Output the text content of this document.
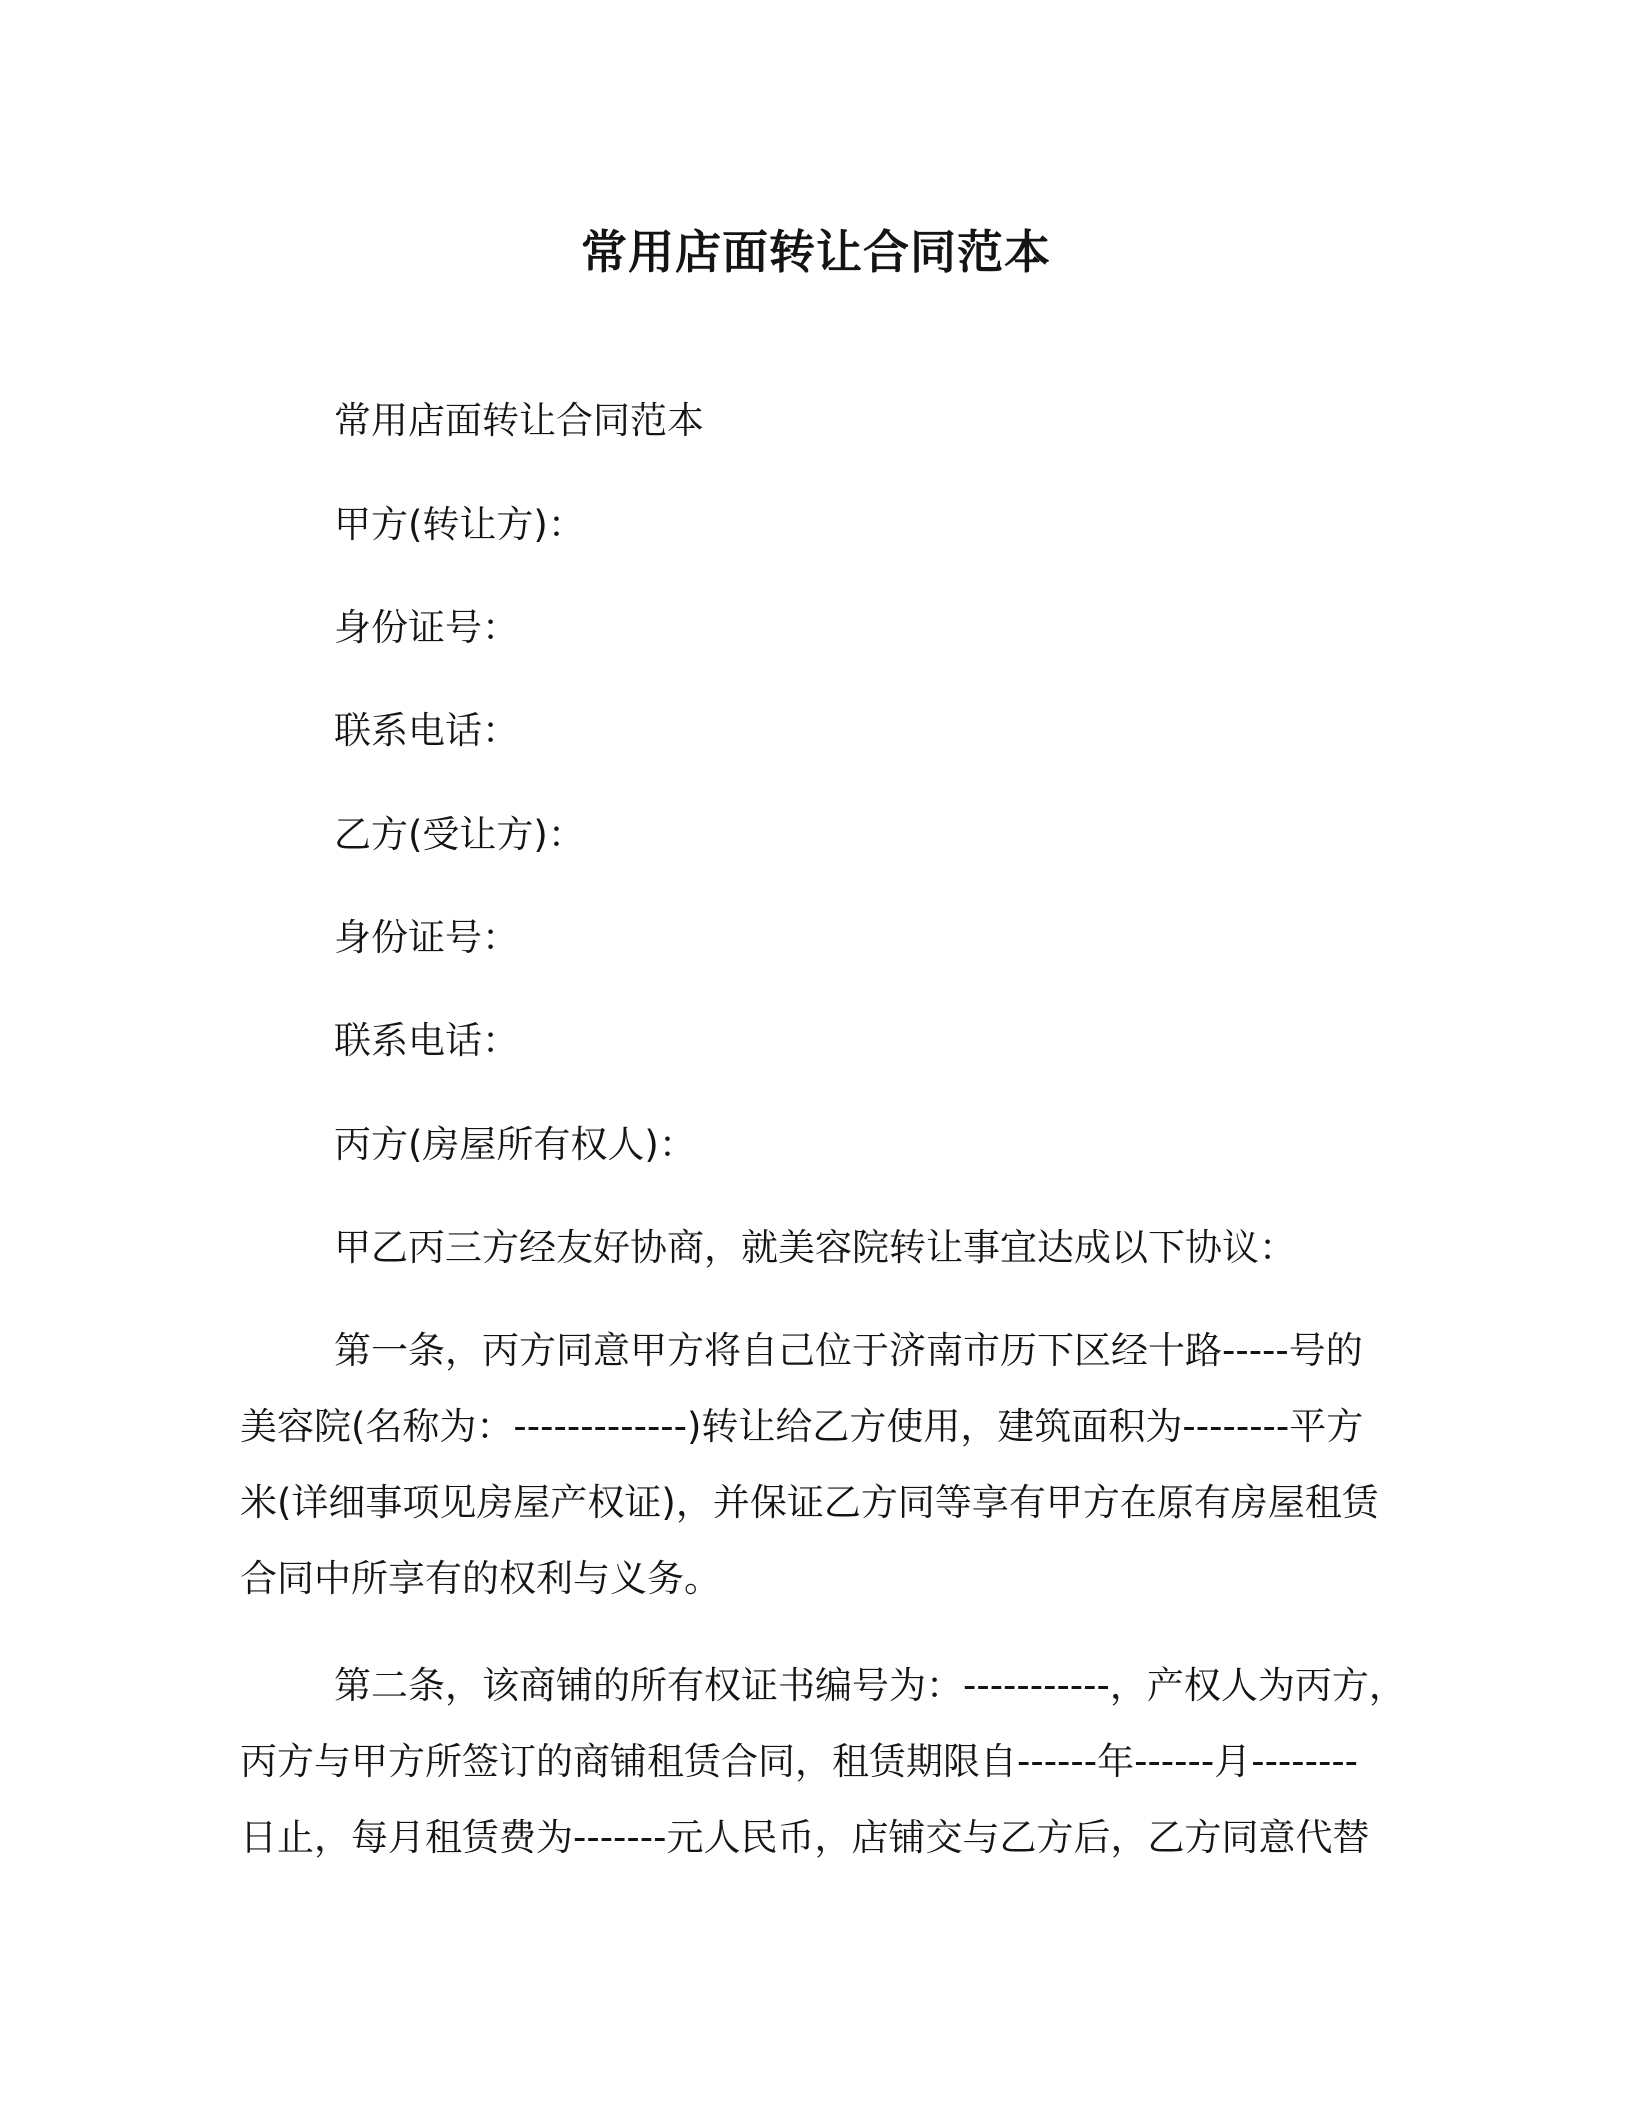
常用店面转让合同范本
常用店面转让合同范本
甲方(转让方)：
身份证号：
联系电话：
乙方(受让方)：
身份证号：
联系电话：
丙方(房屋所有权人)：
甲乙丙三方经友好协商，就美容院转让事宜达成以下协议：
第一条，丙方同意甲方将自己位于济南市历下区经十路-----号的
美容院(名称为：-------------)转让给乙方使用，建筑面积为--------平方
米(详细事项见房屋产权证)，并保证乙方同等享有甲方在原有房屋租赁
合同中所享有的权利与义务。
第二条，该商铺的所有权证书编号为：-----------，产权人为丙方，
丙方与甲方所签订的商铺租赁合同，租赁期限自------年------月--------
日止，每月租赁费为-------元人民币，店铺交与乙方后，乙方同意代替
